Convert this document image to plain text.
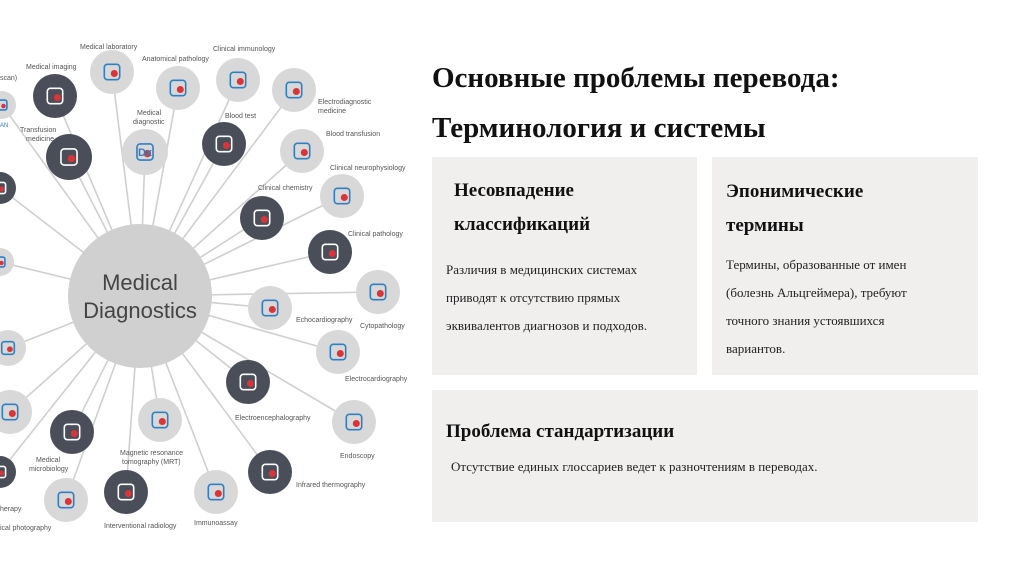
Dx
AN
Medical
Diagnostics
Medical laboratory
Medical imaging
Anatomical pathology
Clinical immunology
scan)
Medical
diagnostic
Electrodiagnostic
medicine
Transfusion
medicine
Blood test
Blood transfusion
Clinical neurophysiology
Clinical chemistry
Clinical pathology
Echocardiography
Cytopathology
Electrocardiography
Electroencephalography
Endoscopy
Magnetic resonance
tomography (MRT)
Medical
microbiology
Infrared thermography
Immunoassay
Interventional radiology
ical photography
herapy
Основные проблемы перевода:
Терминология и системы
Несовпадение
классификаций
Различия в медицинских системах
приводят к отсутствию прямых
эквивалентов диагнозов и подходов.
Эпонимические
термины
Термины, образованные от имен
(болезнь Альцгеймера), требуют
точного знания устоявшихся
вариантов.
Проблема стандартизации
Отсутствие единых глоссариев ведет к разночтениям в переводах.
